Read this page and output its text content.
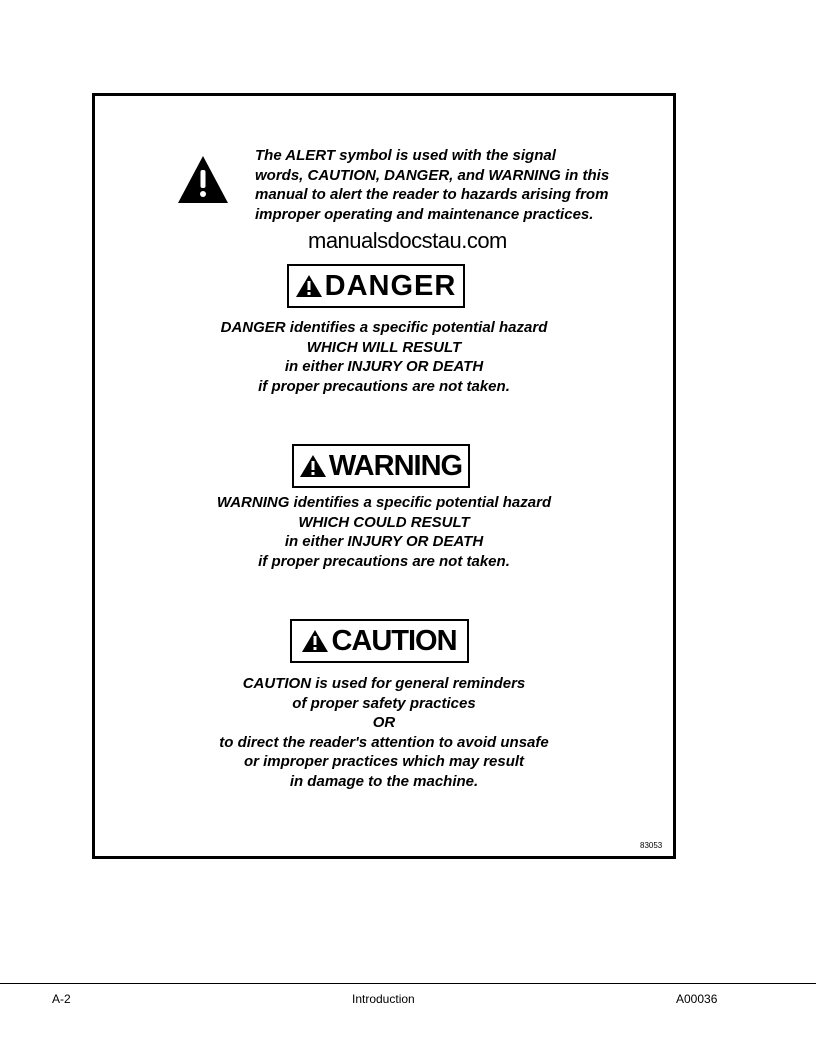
The ALERT symbol is used with the signal
words, CAUTION, DANGER, and WARNING in this
manual to alert the reader to hazards arising from
improper operating and maintenance practices.
manualsdocstau.com
DANGER
DANGER identifies a specific potential hazard
WHICH WILL RESULT
in either INJURY OR DEATH
if proper precautions are not taken.
WARNING
WARNING identifies a specific potential hazard
WHICH COULD RESULT
in either INJURY OR DEATH
if proper precautions are not taken.
CAUTION
CAUTION is used for general reminders
of proper safety practices
OR
to direct the reader's attention to avoid unsafe
or improper practices which may result
in damage to the machine.
83053
A-2	Introduction	A00036
